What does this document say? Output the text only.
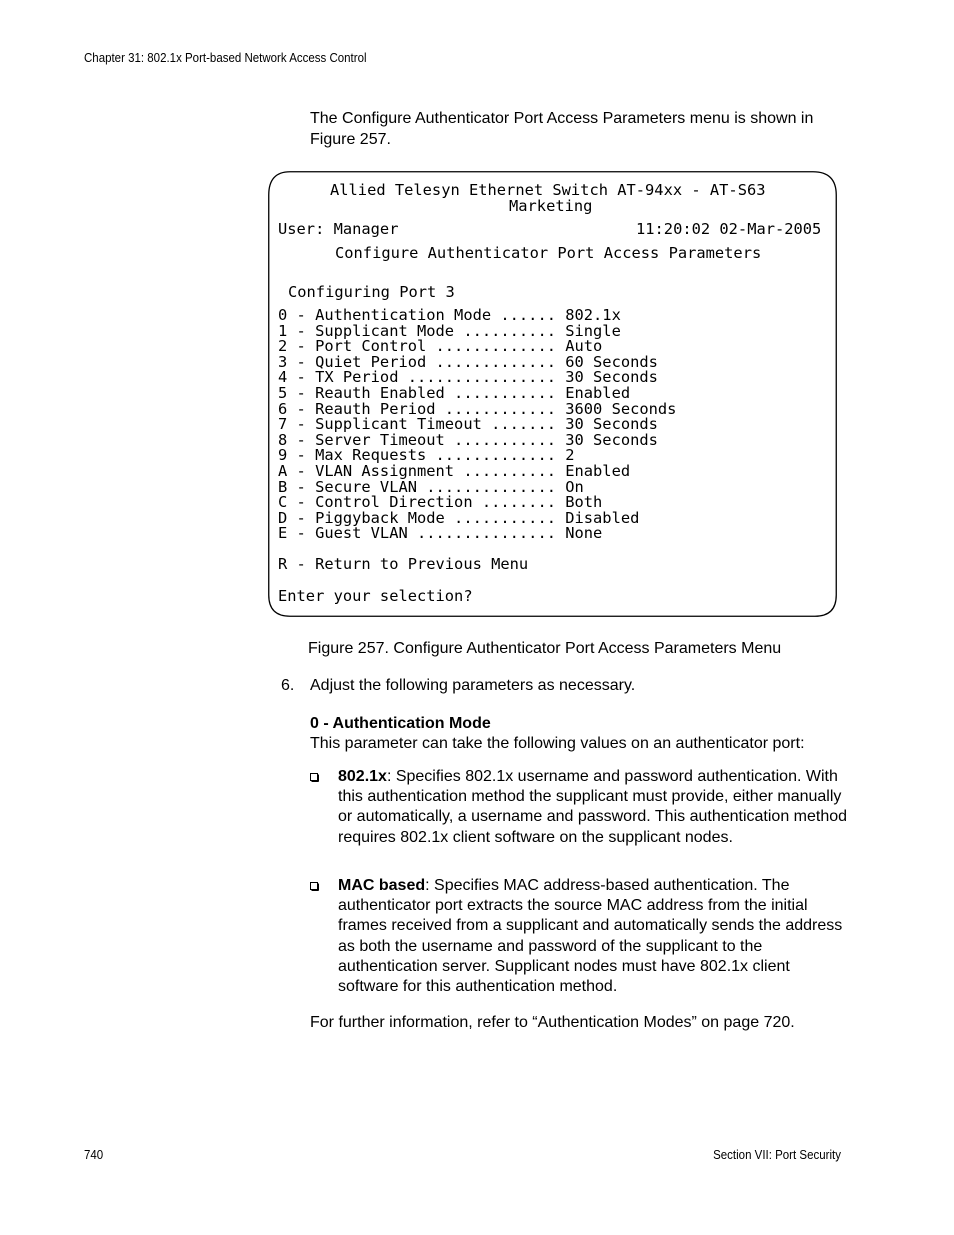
Chapter 31: 802.1x Port-based Network Access Control
The Configure Authenticator Port Access Parameters menu is shown in Figure 257.
Allied Telesyn Ethernet Switch AT-94xx - AT-S63
Marketing
User: Manager	11:20:02 02-Mar-2005
Configure Authenticator Port Access Parameters
Configuring Port 3
0 - Authentication Mode ...... 802.1x
1 - Supplicant Mode .......... Single
2 - Port Control ............. Auto
3 - Quiet Period ............. 60 Seconds
4 - TX Period ................ 30 Seconds
5 - Reauth Enabled ........... Enabled
6 - Reauth Period ............ 3600 Seconds
7 - Supplicant Timeout ....... 30 Seconds
8 - Server Timeout ........... 30 Seconds
9 - Max Requests ............. 2
A - VLAN Assignment .......... Enabled
B - Secure VLAN .............. On
C - Control Direction ........ Both
D - Piggyback Mode ........... Disabled
E - Guest VLAN ............... None
R - Return to Previous Menu
Enter your selection?
Figure 257. Configure Authenticator Port Access Parameters Menu
6. Adjust the following parameters as necessary.
0 - Authentication Mode
This parameter can take the following values on an authenticator port:
802.1x: Specifies 802.1x username and password authentication. With this authentication method the supplicant must provide, either manually or automatically, a username and password. This authentication method requires 802.1x client software on the supplicant nodes.
MAC based: Specifies MAC address-based authentication. The authenticator port extracts the source MAC address from the initial frames received from a supplicant and automatically sends the address as both the username and password of the supplicant to the authentication server. Supplicant nodes must have 802.1x client software for this authentication method.
For further information, refer to “Authentication Modes” on page 720.
740	Section VII: Port Security
